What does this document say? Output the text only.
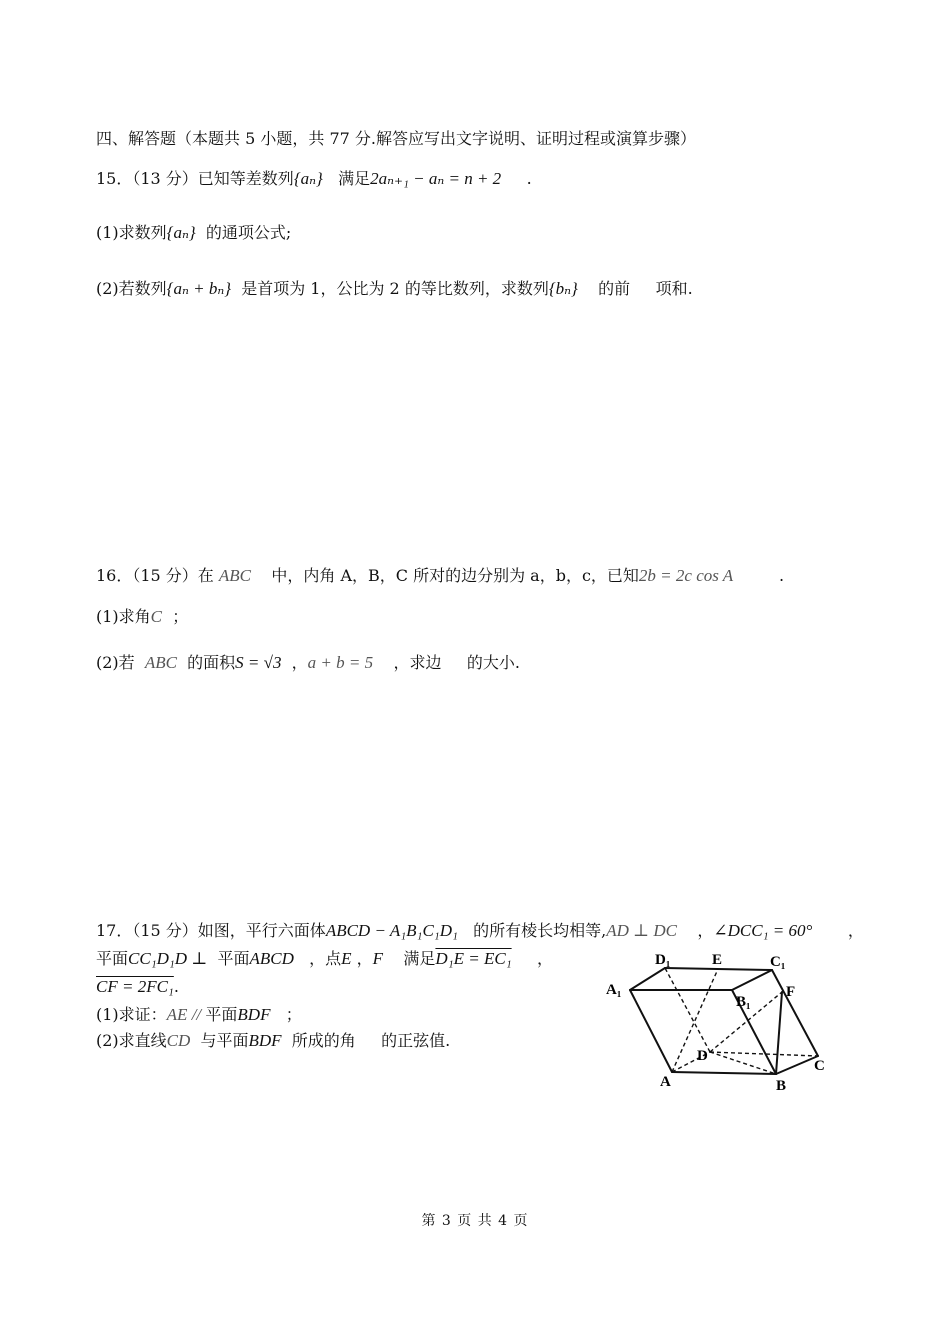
四、解答题（本题共 5 小题，共 77 分.解答应写出文字说明、证明过程或演算步骤）
15．（13 分）已知等差数列{aₙ} 满足2aₙ₊₁ − aₙ = n + 2 .
(1)求数列{aₙ} 的通项公式;
(2)若数列{aₙ + bₙ} 是首项为 1，公比为 2 的等比数列，求数列{bₙ} 的前 项和.
16．（15 分）在 ABC 中，内角 A，B，C 所对的边分别为 a，b，c，已知2b = 2c cos A	.
(1)求角C ；
(2)若 ABC 的面积S = √3 ，a + b = 5 ，求边 的大小.
17．（15 分）如图，平行六面体ABCD − A₁B₁C₁D₁ 的所有棱长均相等,AD ⊥ DC ，∠DCC₁ = 60° ，
平面CC₁D₁D ⊥ 平面ABCD ，点E ，F 满足D₁E = EC₁ ，
CF = 2FC₁.
(1)求证：AE // 平面BDF ；
(2)求直线CD 与平面BDF 所成的角 的正弦值.
D₁	E	C₁
A₁
B₁
F
D
C
A	B
第 3 页 共 4 页
